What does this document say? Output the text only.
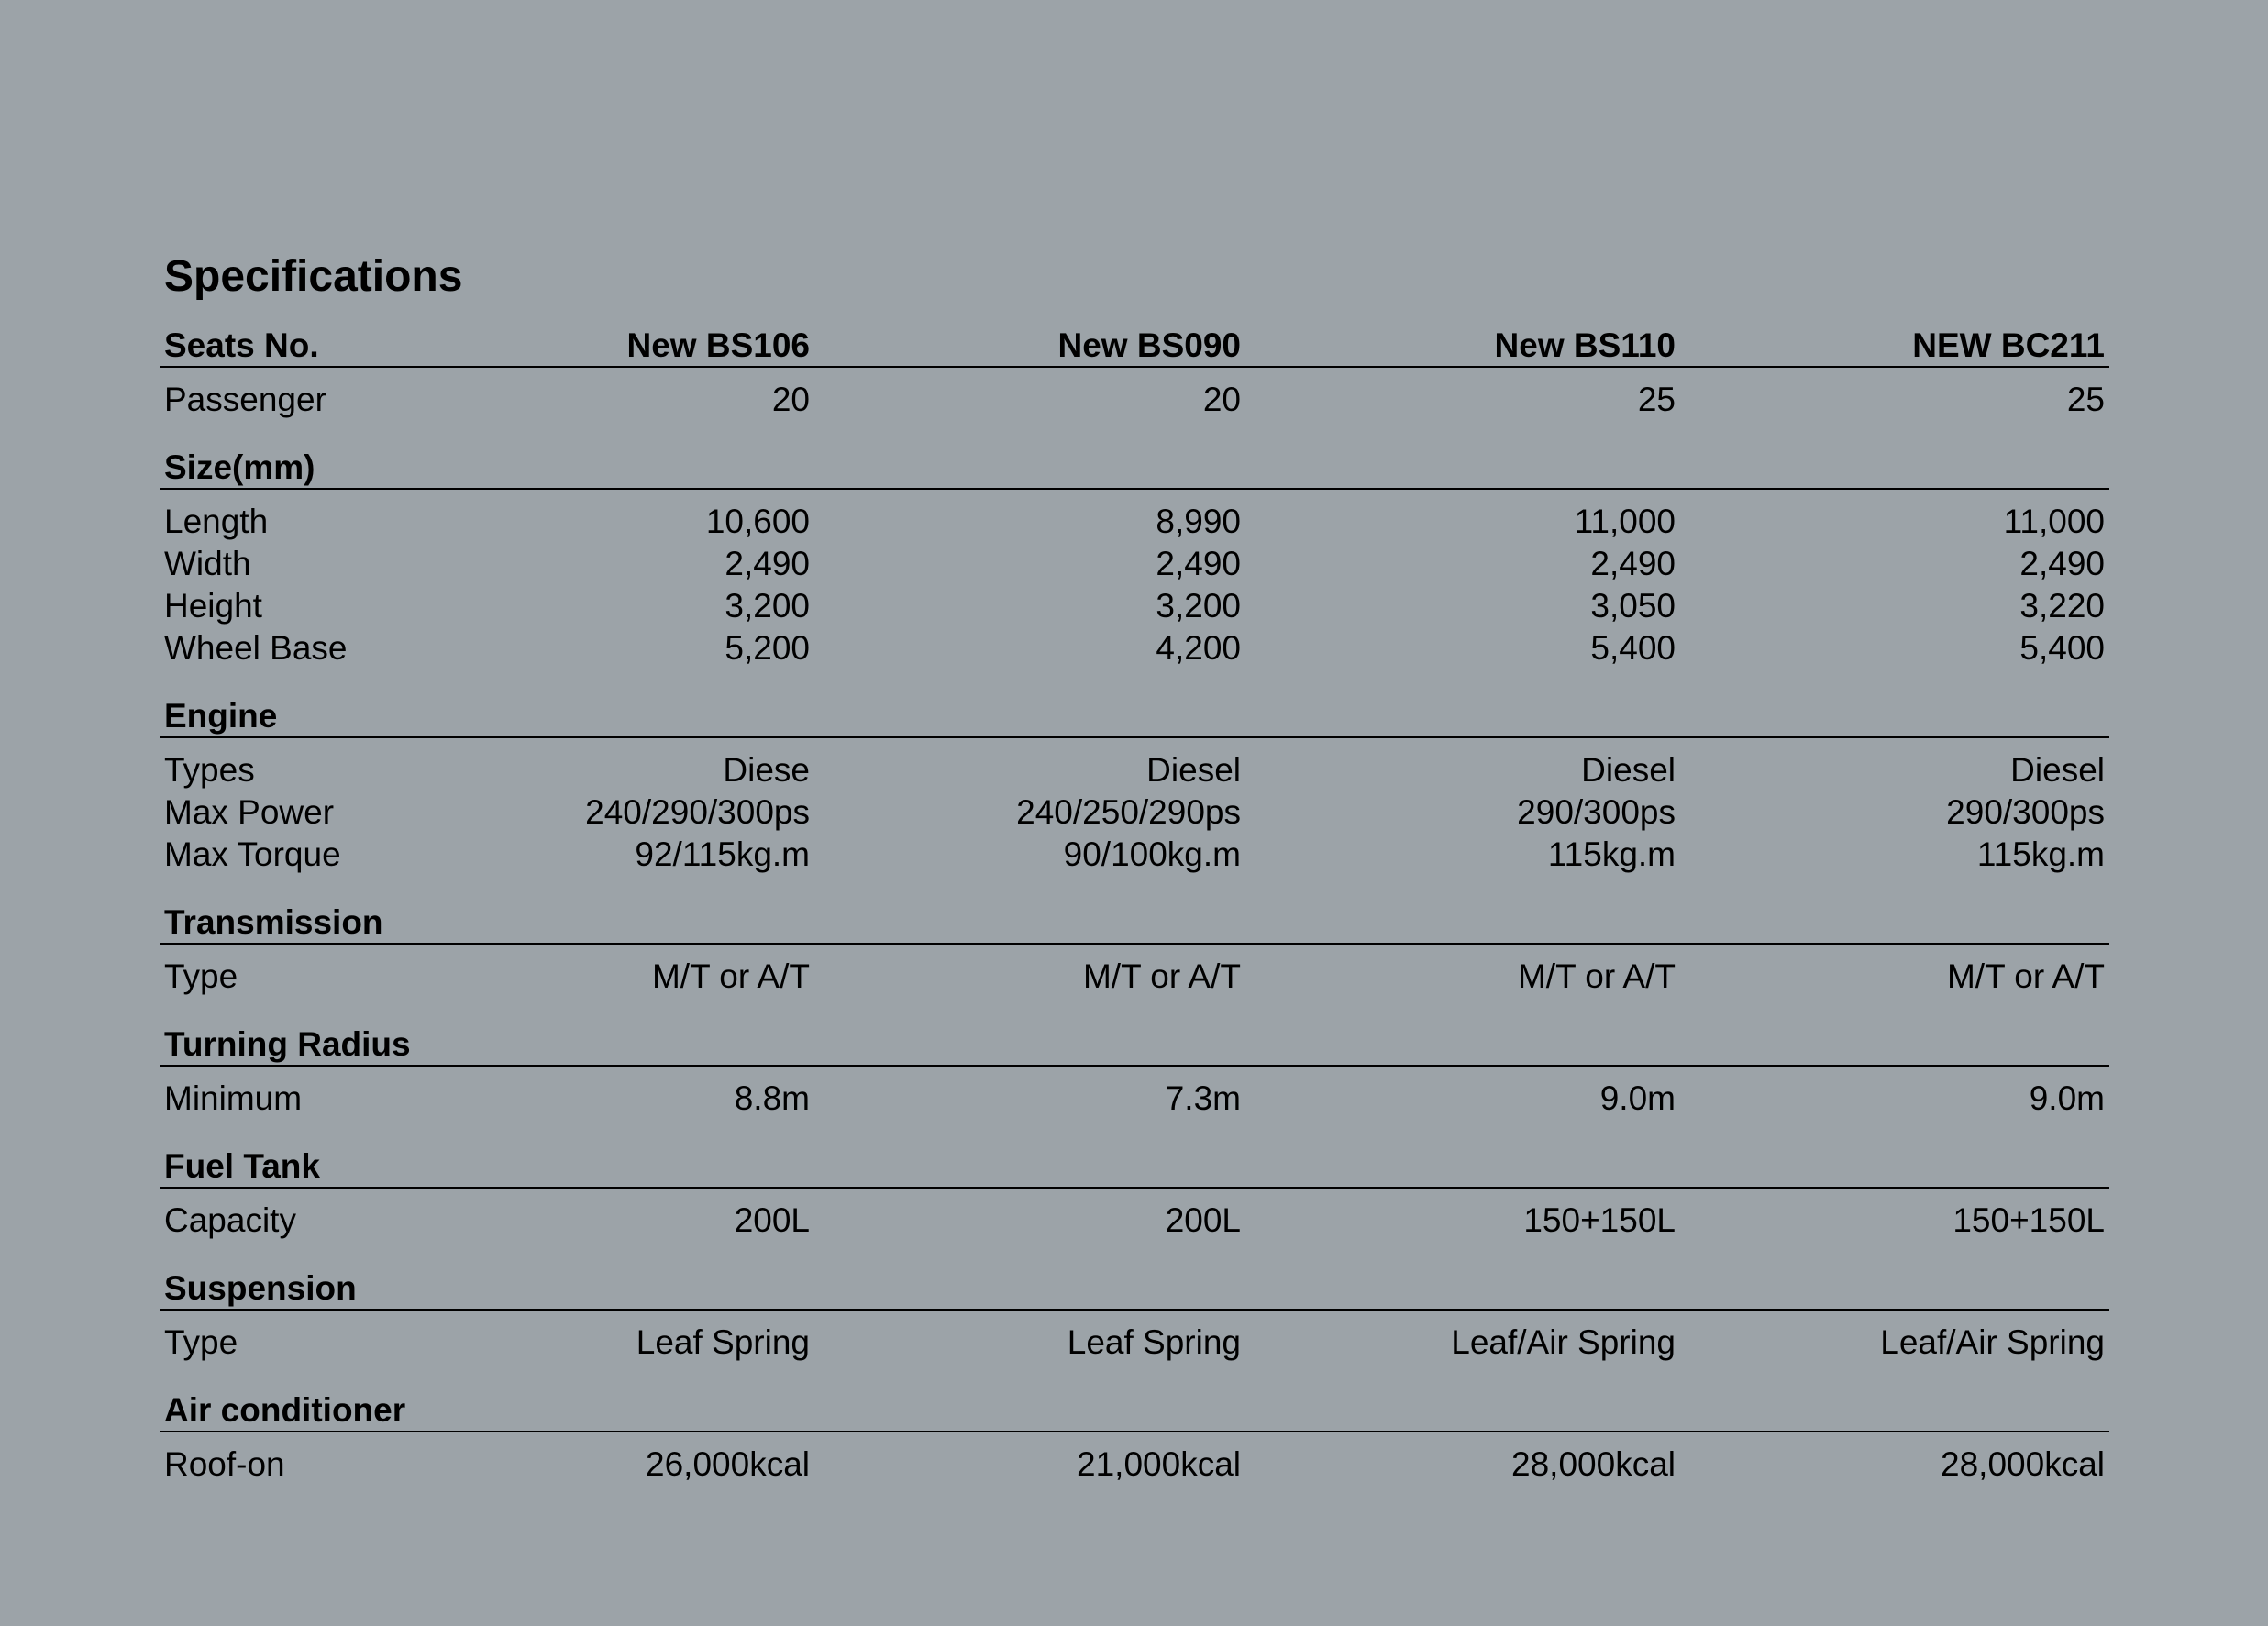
Specifications
Seats No.	New BS106	New BS090	New BS110	NEW BC211
Passenger	20	20	25	25
Size(mm)
Length	10,600	8,990	11,000	11,000
Width	2,490	2,490	2,490	2,490
Height	3,200	3,200	3,050	3,220
Wheel Base	5,200	4,200	5,400	5,400
Engine
Types	Diese	Diesel	Diesel	Diesel
Max Power	240/290/300ps	240/250/290ps	290/300ps	290/300ps
Max Torque	92/115kg.m	90/100kg.m	115kg.m	115kg.m
Transmission
Type	M/T or A/T	M/T or A/T	M/T or A/T	M/T or A/T
Turning Radius
Minimum	8.8m	7.3m	9.0m	9.0m
Fuel Tank
Capacity	200L	200L	150+150L	150+150L
Suspension
Type	Leaf Spring	Leaf Spring	Leaf/Air Spring	Leaf/Air Spring
Air conditioner
Roof-on	26,000kcal	21,000kcal	28,000kcal	28,000kcal
